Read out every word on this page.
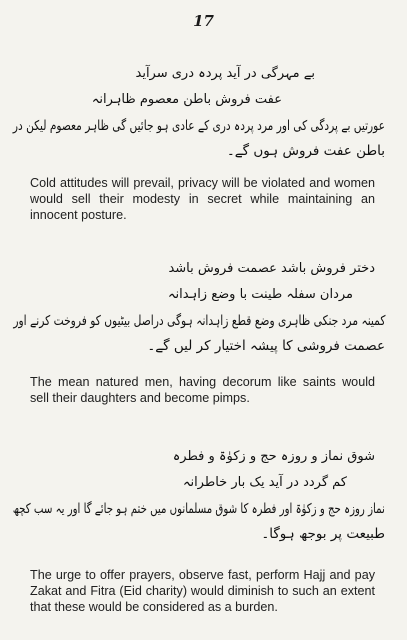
17
بے مہرگی در آید پردہ دری سرآید
عفت فروش باطن معصوم ظاہرانہ
عورتیں بے پردگی کی اور مرد پردہ دری کے عادی ہو جائیں گی ظاہر معصوم لیکن در
باطن عفت فروش ہوں گے۔
Cold attitudes will prevail, privacy will be violated and women would sell their modesty in secret while maintaining an innocent posture.
دختر فروش باشد عصمت فروش باشد
مردان سفلہ طینت با وضع زاہدانہ
کمینہ مرد جنکی ظاہری وضع قطع زاہدانہ ہوگی دراصل بیٹیوں کو فروخت کرنے اور
عصمت فروشی کا پیشہ اختیار کر لیں گے۔
The mean natured men, having decorum like saints would sell their daughters and become pimps.
شوق نماز و روزہ حج و زکوٰۃ و فطرہ
کم گردد در آید یک بار خاطرانہ
نماز روزہ حج و زکوٰۃ اور فطرہ کا شوق مسلمانوں میں ختم ہو جائے گا اور یہ سب کچھ
طبیعت پر بوجھ ہوگا۔
The urge to offer prayers, observe fast, perform Hajj and pay Zakat and Fitra (Eid charity) would diminish to such an extent that these would be considered as a burden.
